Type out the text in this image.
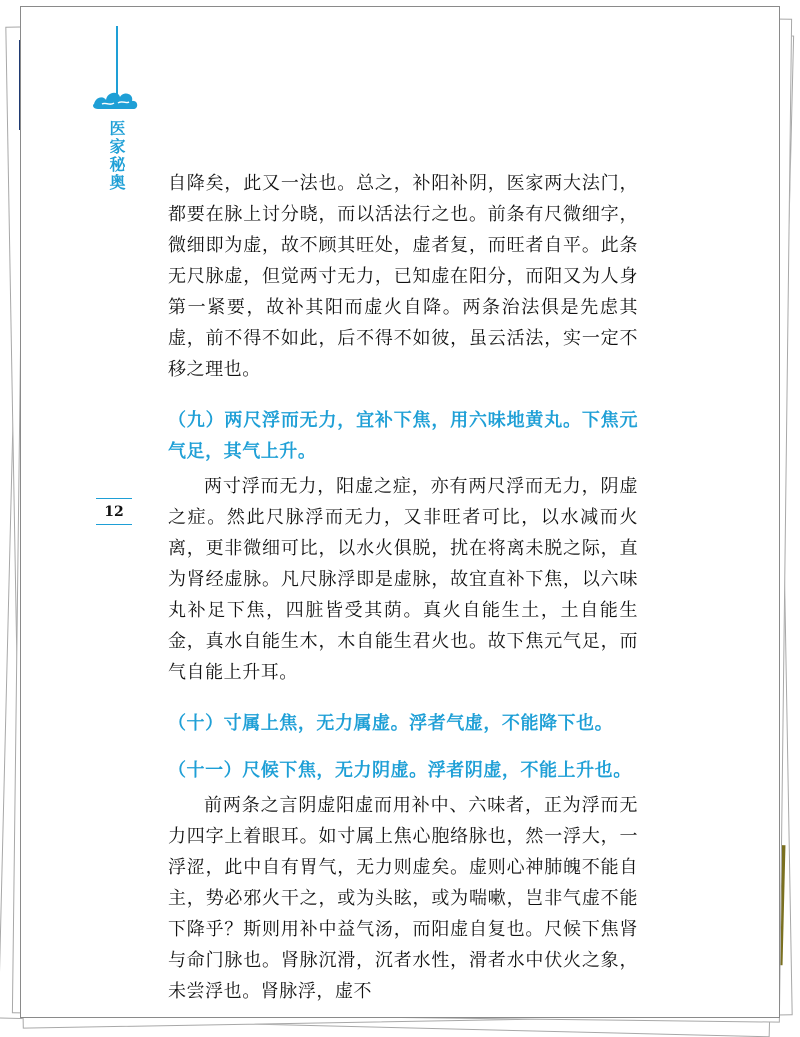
医家秘奥
12

自降矣，此又一法也。总之，补阳补阴，医家两大法门，都要在脉上讨分晓，而以活法行之也。前条有尺微细字，微细即为虚，故不顾其旺处，虚者复，而旺者自平。此条无尺脉虚，但觉两寸无力，已知虚在阳分，而阳又为人身第一紧要，故补其阳而虚火自降。两条治法俱是先虑其虚，前不得不如此，后不得不如彼，虽云活法，实一定不移之理也。

（九）两尺浮而无力，宜补下焦，用六味地黄丸。下焦元气足，其气上升。

两寸浮而无力，阳虚之症，亦有两尺浮而无力，阴虚之症。然此尺脉浮而无力，又非旺者可比，以水减而火离，更非微细可比，以水火俱脱，扰在将离未脱之际，直为肾经虚脉。凡尺脉浮即是虚脉，故宜直补下焦，以六味丸补足下焦，四脏皆受其荫。真火自能生土，土自能生金，真水自能生木，木自能生君火也。故下焦元气足，而气自能上升耳。

（十）寸属上焦，无力属虚。浮者气虚，不能降下也。

（十一）尺候下焦，无力阴虚。浮者阴虚，不能上升也。

前两条之言阴虚阳虚而用补中、六味者，正为浮而无力四字上着眼耳。如寸属上焦心胞络脉也，然一浮大，一浮涩，此中自有胃气，无力则虚矣。虚则心神肺魄不能自主，势必邪火干之，或为头眩，或为喘嗽，岂非气虚不能下降乎？斯则用补中益气汤，而阳虚自复也。尺候下焦肾与命门脉也。肾脉沉滑，沉者水性，滑者水中伏火之象，未尝浮也。肾脉浮，虚不
